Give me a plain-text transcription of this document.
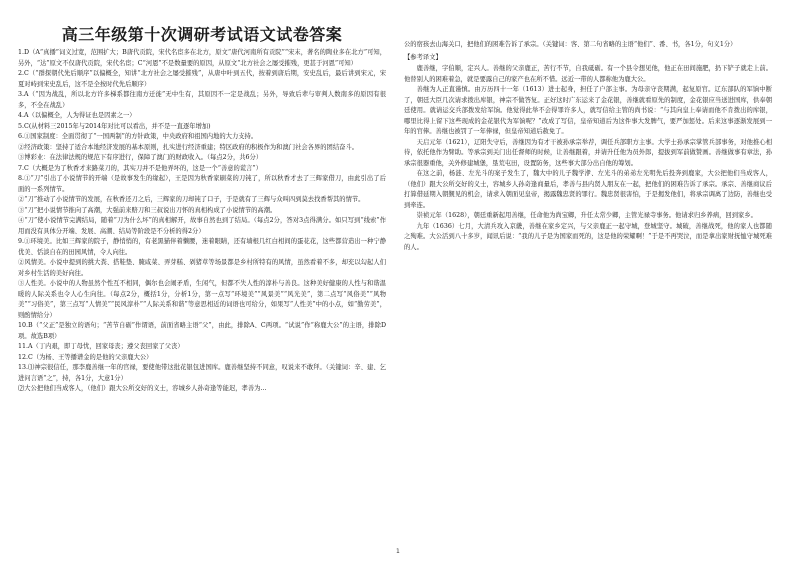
高三年级第十次调研考试语文试卷答案

1.D（A“真播”词义过宽，范围扩大；B唐代贡院，宋代名宦多在北方，原文“唐代河南所有贡院”“宋末，著名的陶业多在北方”可知，另外，“达”原文不仅唐代贡院，宋代名宦；C“河恩”不是数量要的原因，从原文“北方社会之屡受摧残，更甚于河恩”可知）

2.C（“群探朝代先后顺序”以偏概全，知讲“北方社会之屡受摧残”，从唐中叶到五代，按着到唐后期，安史乱后，最后讲到宋元，宋夏对峙到宋史乱后，这不是全按时代先后顺序）

3.A（“因为战乱，所以北方许多梯系都往南方迁徙”无中生有，其原因不一定是战乱；另外，导致后辈与审判人数南多的原因有很多，不全在战乱）

4.A（以偏概全，人为得证也是因素之一）

5.C(从材料三2015年与2014年对比可以看出，并不是一直逐年增加)

6.①国家制度：全面贯彻了“一国两制”的方针政策，中央政府和祖国内地的大力支持。

②经济政策：坚持了适合本地经济发展的基本原则，扎实进行经济重建；特区政府的积极作为和澳门社会各界的团结奋斗。

③博彩业：在法律法规的规范下有序进行，保障了澳门的财政收入。（每点2分，共6分）

7.C（大概是为了秋香才来路菜刀的，其实刀并不是他弄坏的，这是一个“善意的谎言”）

8.①“刀”引出了小说情节的开端（是故事发生的缘起），王是因为秋香家刷菜的刀钝了，所以秋香才去了三辉家借刀，由此引出了后面的一系列情节。

②“刀”推动了小说情节的发展，在秋香还刀之后，三辉家的刀却钝了口子，于是就有了三辉与众叫四到莫去找香帮其的情节。

③“刀”把小说情节推向了高潮，大强前来赔刀和三叔说出刀怀的真相构成了小说情节的高潮。

④“刀”使小说情节完满结局，随着“刀为什么坏”的真相解开，故事自然也到了结局。（每点2分，答对3点得满分。如只写到“线索”作用而没有具体分开端、发展、高潮、结局等阶段是不分析的得2分）

9.①环境美。比如三辉家的院子，静悄悄的，有老黑猫伴着懒腰，迷着眼睛，还有墙根几红白相间的蛋花花，这些都营造出一种宁静优美、恬淡自在的田园风情，令人向往。

②风情美。小说中提到的挑大粪、搭鞋垫、腌咸菜、弄芽糕、剁猪草等场景都是乡村所特有的风情，虽然看着不多，却充以勾起人们对乡村生活的美好向往。

③人性美。小说中的人物虽然个性互不相同，偶尔也会闹矛盾，生闲气，但都不失人性的淳朴与善良。这种美好健康的人性与和谐温暖的人际关系也令人心生向往。（每点2分，概括1分，分析1分，第一点写“环境美”“风景美”“风光美”，第二点写“风俗美”“风物美”“习俗美”，第三点写“人情美”“民风淳朴”“人际关系和谐”等意思相近的词语也可给分，如果写“人性美”中的小点，如“勤劳美”，则酌情给分）

10.B（“父正”是独立的语句；“苦节自砺”作谓语，前面省略主语“父”，由此，排除A、C两项。“试说”作“称鹿大公”的主语，排除D项。故选B项）

11.A（丁内艰，即丁母忧，回家母丧；遵父丧回家了父丧）

12.C（为杨、王等播谱金的是他的父亲鹿大公）

13.⑴神宗很信任，那李鹿善继一年的官禄，要使他带这批花银包进国库。鹿善继坚持不同意，叹说来不敢拜。（关键词：辛、建、乞进问言语“之”，持，各1分，大意1分）

⑵大公把他们当成客人，（他们）跟大公所交好的义士，容城乡人孙奇逢等能迟，孝善为...

公的宿孩去山海关口，把他们的困难告诉了承宗。（关键词：客、第二句省略的主语“他们”、番、书，各1分，句义1分）

【参考译文】

鹿善继，字伯顺，定兴人。善继的父亲鹿正，苦行不节，自我砥砺。有一个县令想见他，他正在田间施肥，扔下铲子就走上前。他替别人的困难着急，就是要露自己的家产也在所不惜。远近一带的人都称他为鹿大公。

善继为人正直谨慎。由万历四十一年（1613）进士起身，担任了户部主事。为母亲守丧期满，起复原官。辽东部队的军饷中断了，朝廷大臣几次请求拨出库银，神宗不做答复。正好这时广东运来了金花银，善继就看原先的制度，金花银应当送进国库，供奉朝廷使用。就请运交兵部拨发给军饷。他觉得此举不会得罪许多人，就写信给主管的尚书说：“与其向皇上奉请而他不肯拨出的库银，哪里比得上留下这些现成的金花银代为军饷呢？”改成了写信，皇帝知道后为这件事大发脾气，要严加惩处。后来这事逐渐发展到一年的官俸。善继也被罚了一年俸禄，但皇帝知道后赦免了。

天启元年（1621），辽阳失守后，善继因为有才干被孙承宗举荐，调任兵部职方主事。大学士孙承宗掌管兵部事务，对他推心相待，依托他作为臂助。等承宗到关门出任督师的时候，让善继跟着，并请升任他为员外郎，提拔到军前做赞画。善继做事有章法，孙承宗很器重他，关外修建城堡，垦荒屯田，设置防务，这些事大部分出自他的筹划。

在这之前，杨涟、左光斗的案子发生了，魏大中的儿子魏学洢、左光斗的弟弟左光明先后投奔到鹿家，大公把他们当成客人，（他们）跟大公所交好的义士，容城乡人孙奇逢商量后，孝善与县内贤人朋友在一起，把他们的困难告诉了承宗。承宗、善继商议后打算借延期入朝觐见的机会，请求入朝面见皇帝，揭露魏忠贤的罪行。魏忠贤很害怕，于是揭发他们，将承宗调离了边防，善继也受到牵连。

崇祯元年（1628），朝廷重新起用善继，任命他为尚宝卿，升任太常少卿，主管光禄寺事务。他请求归乡养病，回到家乡。

九年（1636）七月，大清兵攻入京畿，善继在家乡定兴，与父亲鹿正一起守城，登城坚守。城破，善继战死，他的家人也都随之殉难。大公活到八十多岁，闻讯后说：“我的儿子是为国家而死的，这是他的荣耀啊！”于是不再哭泣，而是拿出家财抚恤守城死难的人。

1
